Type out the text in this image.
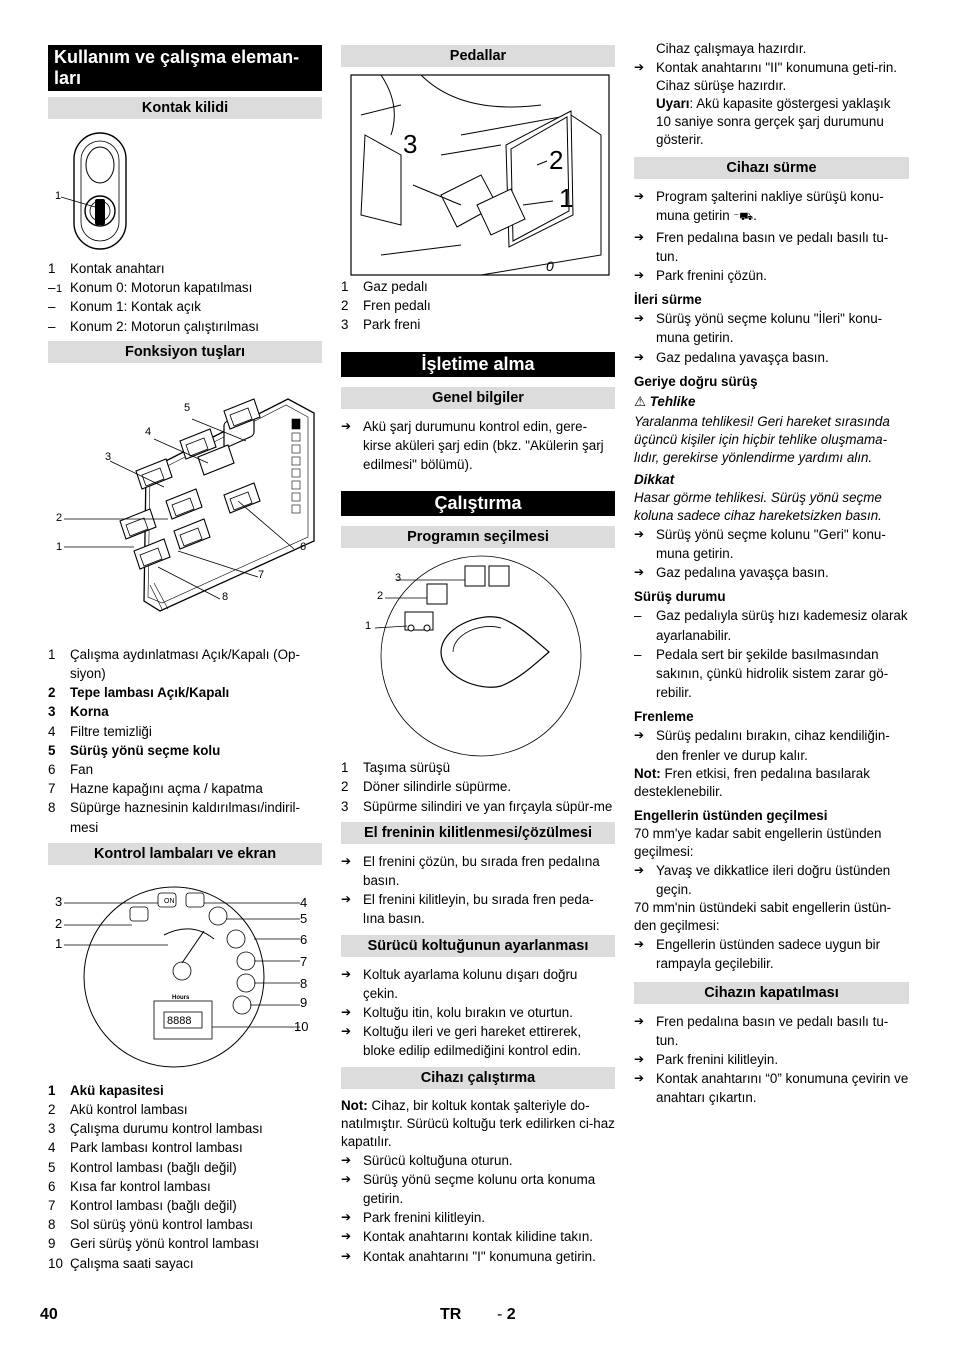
Kullanım ve çalışma eleman-
ları
Kontak kilidi
1
1
1	Kontak anahtarı
–	Konum 0: Motorun kapatılması
–	Konum 1: Kontak açık
–	Konum 2: Motorun çalıştırılması
Fonksiyon tuşları
5
4
3
2
1	6
7
8
1	Çalışma aydınlatması Açık/Kapalı (Op-siyon)
2	Tepe lambası Açık/Kapalı
3	Korna
4	Filtre temizliği
5	Sürüş yönü seçme kolu
6	Fan
7	Hazne kapağını açma / kapatma
8	Süpürge haznesinin kaldırılması/indiril-mesi
Kontrol lambaları ve ekran
ON
Hours
8888
3
2
1
4
5
6
7
8
9
10
1	Akü kapasitesi
2	Akü kontrol lambası
3	Çalışma durumu kontrol lambası
4	Park lambası kontrol lambası
5	Kontrol lambası (bağlı değil)
6	Kısa far kontrol lambası
7	Kontrol lambası (bağlı değil)
8	Sol sürüş yönü kontrol lambası
9	Geri sürüş yönü kontrol lambası
10 Çalışma saati sayacı
Pedallar
3
2
1
0
1	Gaz pedalı
2	Fren pedalı
3	Park freni
İşletime alma
Genel bilgiler
➔ Akü şarj durumunu kontrol edin, gere-kirse aküleri şarj edin (bkz. "Akülerin şarj edilmesi" bölümü).
Çalıştırma
Programın seçilmesi
3
2
1
1	Taşıma sürüşü
2	Döner silindirle süpürme.
3	Süpürme silindiri ve yan fırçayla süpür-me
El freninin kilitlenmesi/çözülmesi
➔ El frenini çözün, bu sırada fren pedalına basın.
➔ El frenini kilitleyin, bu sırada fren peda-lına basın.
Sürücü koltuğunun ayarlanması
➔ Koltuk ayarlama kolunu dışarı doğru çekin.
➔ Koltuğu itin, kolu bırakın ve oturtun.
➔ Koltuğu ileri ve geri hareket ettirerek, bloke edilip edilmediğini kontrol edin.
Cihazı çalıştırma

Not: Cihaz, bir koltuk kontak şalteriyle do-natılmıştır. Sürücü koltuğu terk edilirken ci-haz kapatılır.

➔ Sürücü koltuğuna oturun.
➔ Sürüş yönü seçme kolunu orta konuma getirin.
➔ Park frenini kilitleyin.
➔ Kontak anahtarını kontak kilidine takın.
➔ Kontak anahtarını "I" konumuna getirin.

Cihaz çalışmaya hazırdır.

➔ Kontak anahtarını "II" konumuna geti-rin.

Cihaz sürüşe hazırdır.

Uyarı: Akü kapasite göstergesi yaklaşık 10 saniye sonra gerçek şarj durumunu gösterir.

Cihazı sürme
➔ Program şalterini nakliye sürüşü konu-muna getirin ⁻⛟.
➔ Fren pedalına basın ve pedalı basılı tu-tun.
➔ Park frenini çözün.
İleri sürme
➔ Sürüş yönü seçme kolunu "İleri" konu-muna getirin.
➔ Gaz pedalına yavaşça basın.
Geriye doğru sürüş

⚠ Tehlike

Yaralanma tehlikesi! Geri hareket sırasında üçüncü kişiler için hiçbir tehlike oluşmama-lıdır, gerekirse yönlendirme yardımı alın.

Dikkat

Hasar görme tehlikesi. Sürüş yönü seçme koluna sadece cihaz hareketsizken basın.

➔ Sürüş yönü seçme kolunu "Geri" konu-muna getirin.
➔ Gaz pedalına yavaşça basın.
Sürüş durumu
–	Gaz pedalıyla sürüş hızı kademesiz olarak ayarlanabilir.
–	Pedala sert bir şekilde basılmasından sakının, çünkü hidrolik sistem zarar gö-rebilir.
Frenleme
➔ Sürüş pedalını bırakın, cihaz kendiliğin-den frenler ve durup kalır.

Not: Fren etkisi, fren pedalına basılarak desteklenebilir.

Engellerin üstünden geçilmesi

70 mm'ye kadar sabit engellerin üstünden geçilmesi:

➔ Yavaş ve dikkatlice ileri doğru üstünden geçin.

70 mm'nin üstündeki sabit engellerin üstün-den geçilmesi:

➔ Engellerin üstünden sadece uygun bir rampayla geçilebilir.
Cihazın kapatılması
➔ Fren pedalına basın ve pedalı basılı tu-tun.
➔ Park frenini kilitleyin.
➔ Kontak anahtarını “0” konumuna çevirin ve anahtarı çıkartın.
40	TR - 2
